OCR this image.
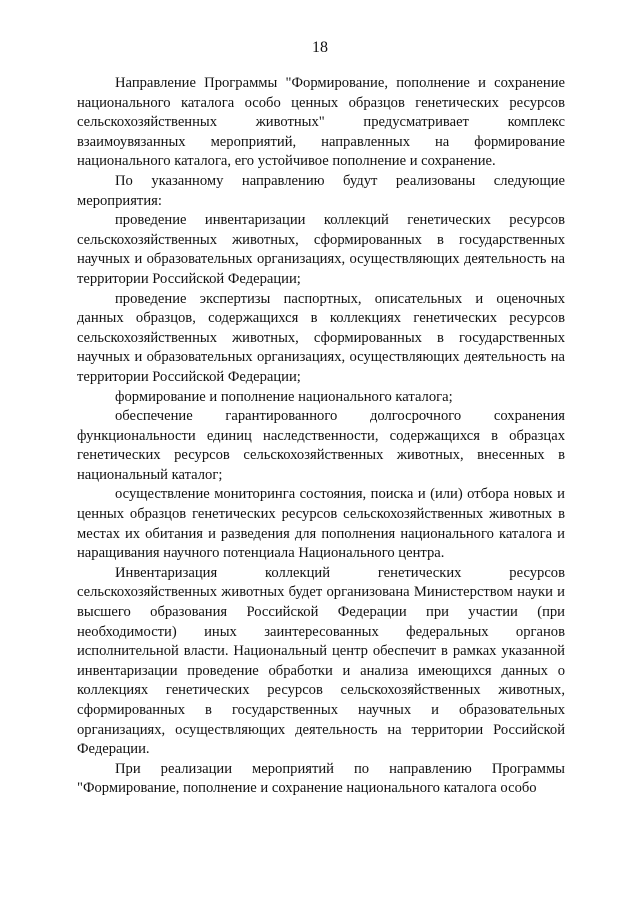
18

Направление Программы "Формирование, пополнение и сохранение национального каталога особо ценных образцов генетических ресурсов сельскохозяйственных животных" предусматривает комплекс взаимоувязанных мероприятий, направленных на формирование национального каталога, его устойчивое пополнение и сохранение.

По указанному направлению будут реализованы следующие мероприятия:

проведение инвентаризации коллекций генетических ресурсов сельскохозяйственных животных, сформированных в государственных научных и образовательных организациях, осуществляющих деятельность на территории Российской Федерации;

проведение экспертизы паспортных, описательных и оценочных данных образцов, содержащихся в коллекциях генетических ресурсов сельскохозяйственных животных, сформированных в государственных научных и образовательных организациях, осуществляющих деятельность на территории Российской Федерации;

формирование и пополнение национального каталога;

обеспечение гарантированного долгосрочного сохранения функциональности единиц наследственности, содержащихся в образцах генетических ресурсов сельскохозяйственных животных, внесенных в национальный каталог;

осуществление мониторинга состояния, поиска и (или) отбора новых и ценных образцов генетических ресурсов сельскохозяйственных животных в местах их обитания и разведения для пополнения национального каталога и наращивания научного потенциала Национального центра.

Инвентаризация коллекций генетических ресурсов сельскохозяйственных животных будет организована Министерством науки и высшего образования Российской Федерации при участии (при необходимости) иных заинтересованных федеральных органов исполнительной власти. Национальный центр обеспечит в рамках указанной инвентаризации проведение обработки и анализа имеющихся данных о коллекциях генетических ресурсов сельскохозяйственных животных, сформированных в государственных научных и образовательных организациях, осуществляющих деятельность на территории Российской Федерации.

При реализации мероприятий по направлению Программы "Формирование, пополнение и сохранение национального каталога особо
